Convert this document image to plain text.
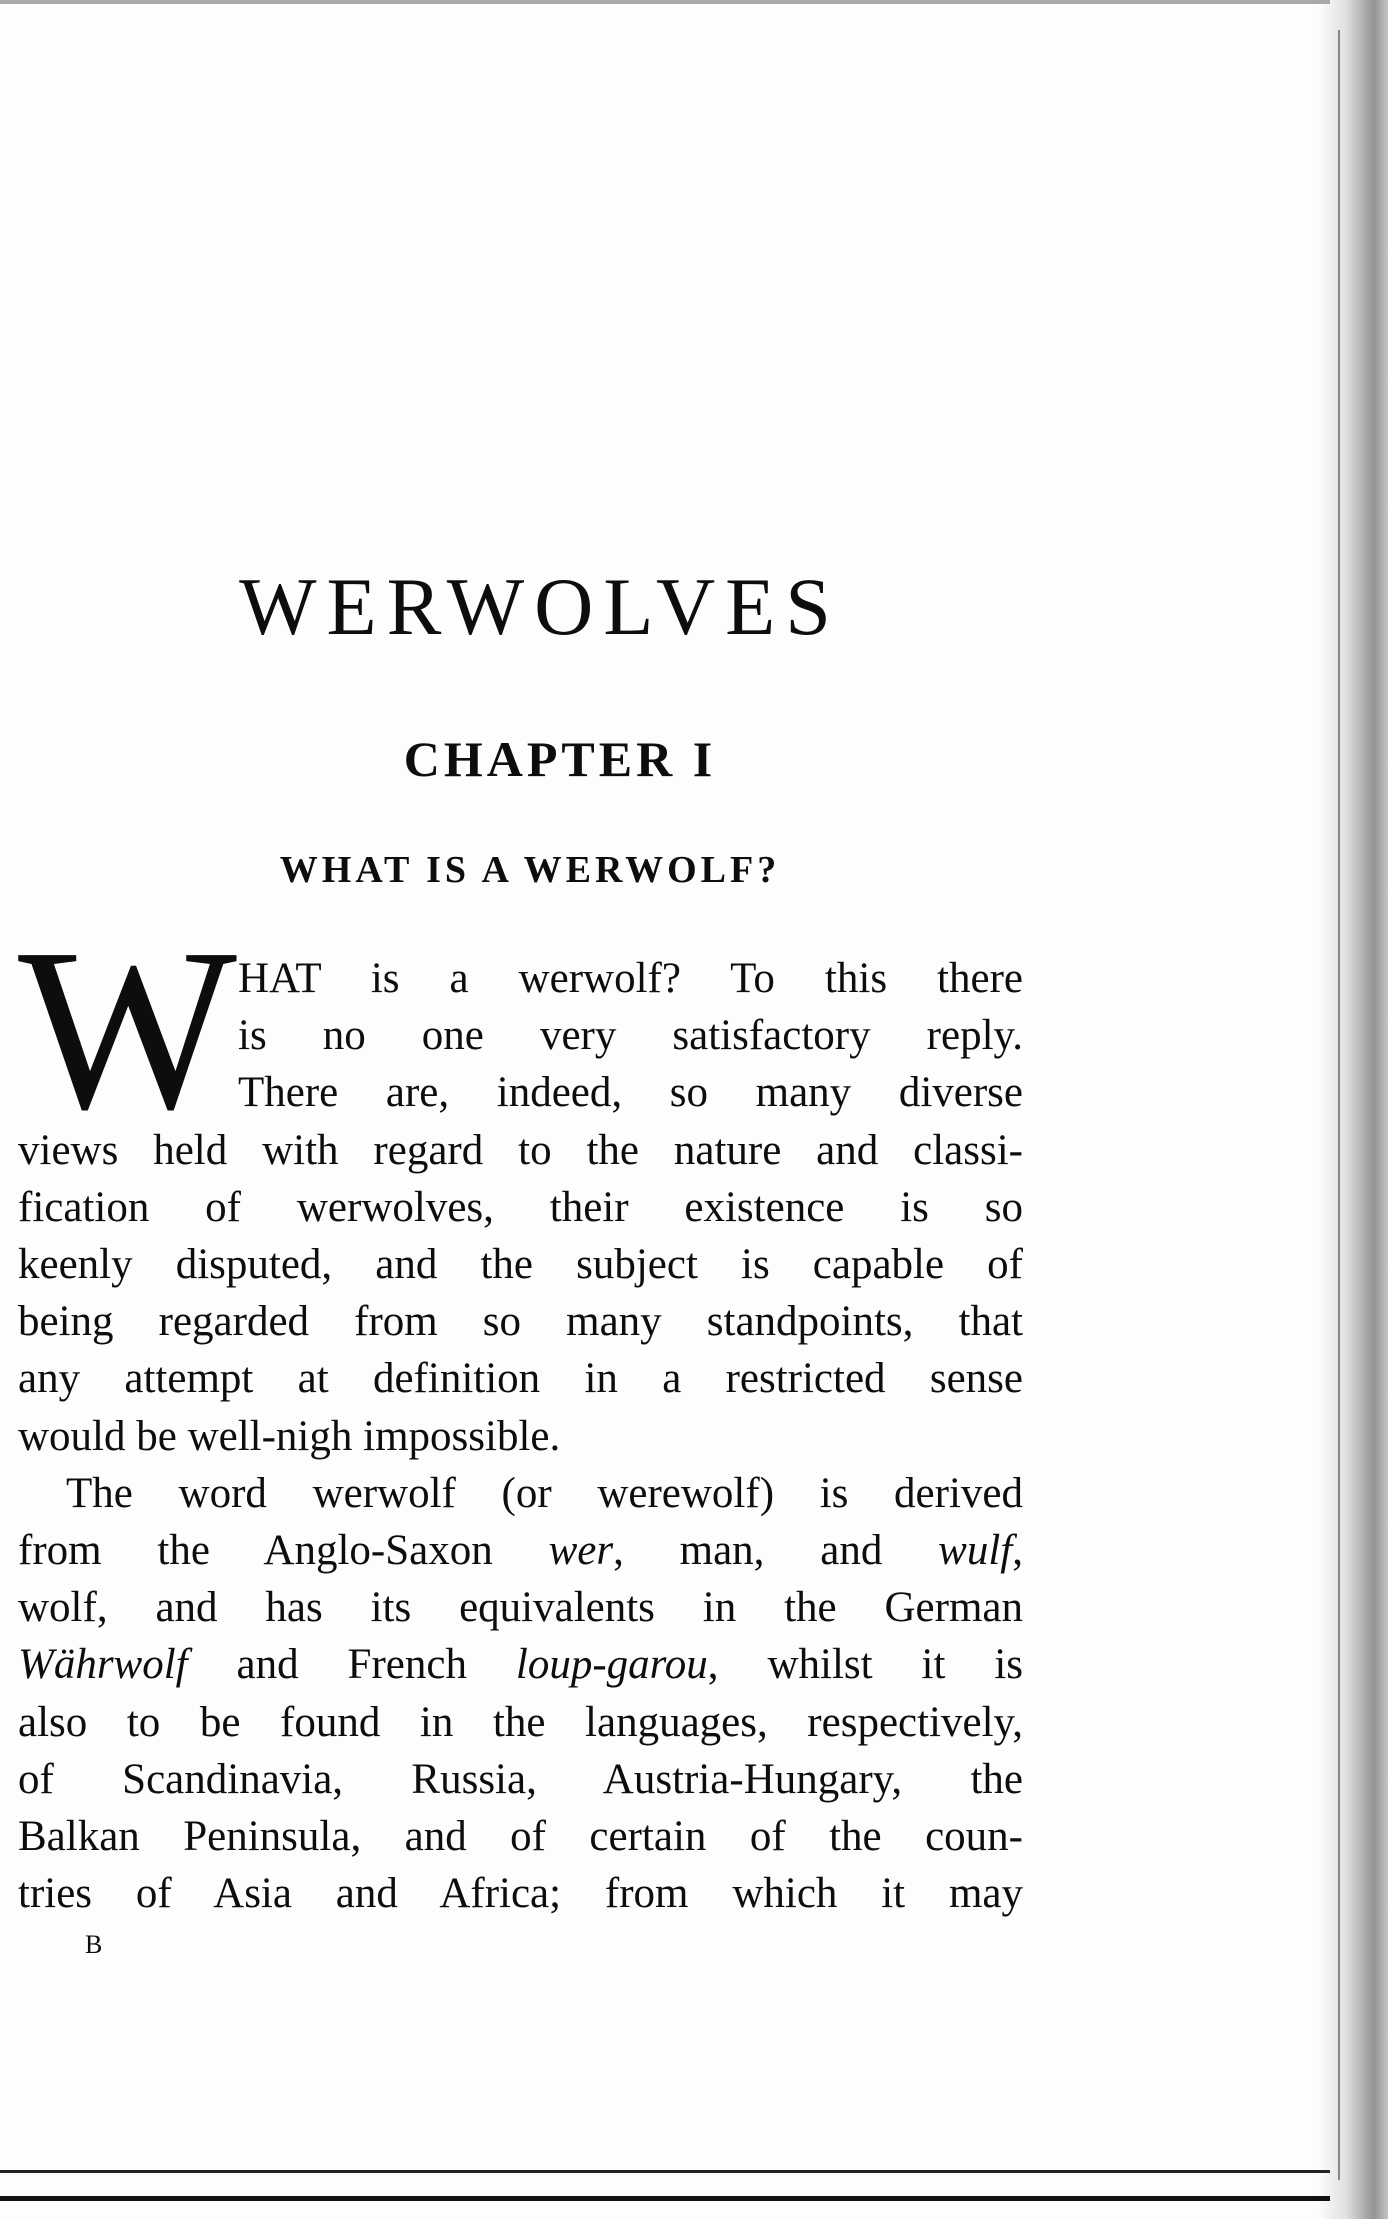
WERWOLVES
CHAPTER I
WHAT IS A WERWOLF?
W HAT is a werwolf? To this there
is no one very satisfactory reply.
There are, indeed, so many diverse
views held with regard to the nature and classi-
fication of werwolves, their existence is so
keenly disputed, and the subject is capable of
being regarded from so many standpoints, that
any attempt at definition in a restricted sense
would be well-nigh impossible.
The word werwolf (or werewolf) is derived
from the Anglo-Saxon wer, man, and wulf,
wolf, and has its equivalents in the German
Währwolf and French loup-garou, whilst it is
also to be found in the languages, respectively,
of Scandinavia, Russia, Austria-Hungary, the
Balkan Peninsula, and of certain of the coun-
tries of Asia and Africa; from which it may

B
